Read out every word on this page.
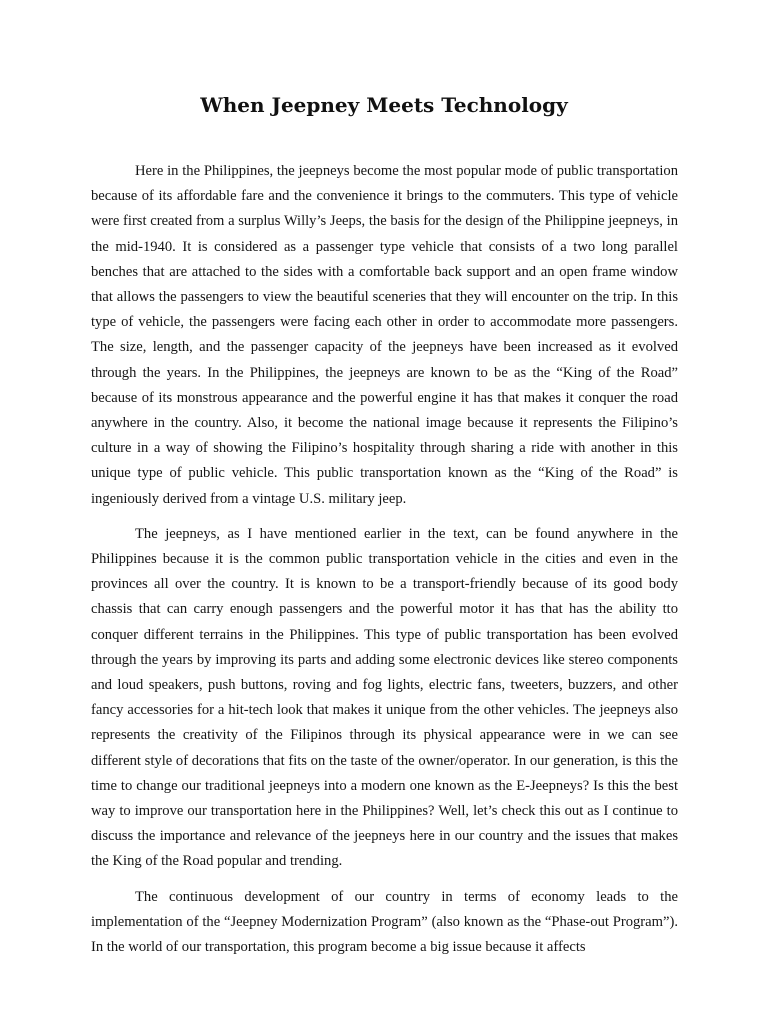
When Jeepney Meets Technology

Here in the Philippines, the jeepneys become the most popular mode of public transportation because of its affordable fare and the convenience it brings to the commuters. This type of vehicle were first created from a surplus Willy’s Jeeps, the basis for the design of the Philippine jeepneys, in the mid-1940. It is considered as a passenger type vehicle that consists of a two long parallel benches that are attached to the sides with a comfortable back support and an open frame window that allows the passengers to view the beautiful sceneries that they will encounter on the trip. In this type of vehicle, the passengers were facing each other in order to accommodate more passengers. The size, length, and the passenger capacity of the jeepneys have been increased as it evolved through the years. In the Philippines, the jeepneys are known to be as the “King of the Road” because of its monstrous appearance and the powerful engine it has that makes it conquer the road anywhere in the country. Also, it become the national image because it represents the Filipino’s culture in a way of showing the Filipino’s hospitality through sharing a ride with another in this unique type of public vehicle. This public transportation known as the “King of the Road” is ingeniously derived from a vintage U.S. military jeep.

The jeepneys, as I have mentioned earlier in the text, can be found anywhere in the Philippines because it is the common public transportation vehicle in the cities and even in the provinces all over the country. It is known to be a transport-friendly because of its good body chassis that can carry enough passengers and the powerful motor it has that has the ability tto conquer different terrains in the Philippines. This type of public transportation has been evolved through the years by improving its parts and adding some electronic devices like stereo components and loud speakers, push buttons, roving and fog lights, electric fans, tweeters, buzzers, and other fancy accessories for a hit-tech look that makes it unique from the other vehicles. The jeepneys also represents the creativity of the Filipinos through its physical appearance were in we can see different style of decorations that fits on the taste of the owner/operator. In our generation, is this the time to change our traditional jeepneys into a modern one known as the E-Jeepneys? Is this the best way to improve our transportation here in the Philippines? Well, let’s check this out as I continue to discuss the importance and relevance of the jeepneys here in our country and the issues that makes the King of the Road popular and trending.

The continuous development of our country in terms of economy leads to the implementation of the “Jeepney Modernization Program” (also known as the “Phase-out Program”). In the world of our transportation, this program become a big issue because it affects
